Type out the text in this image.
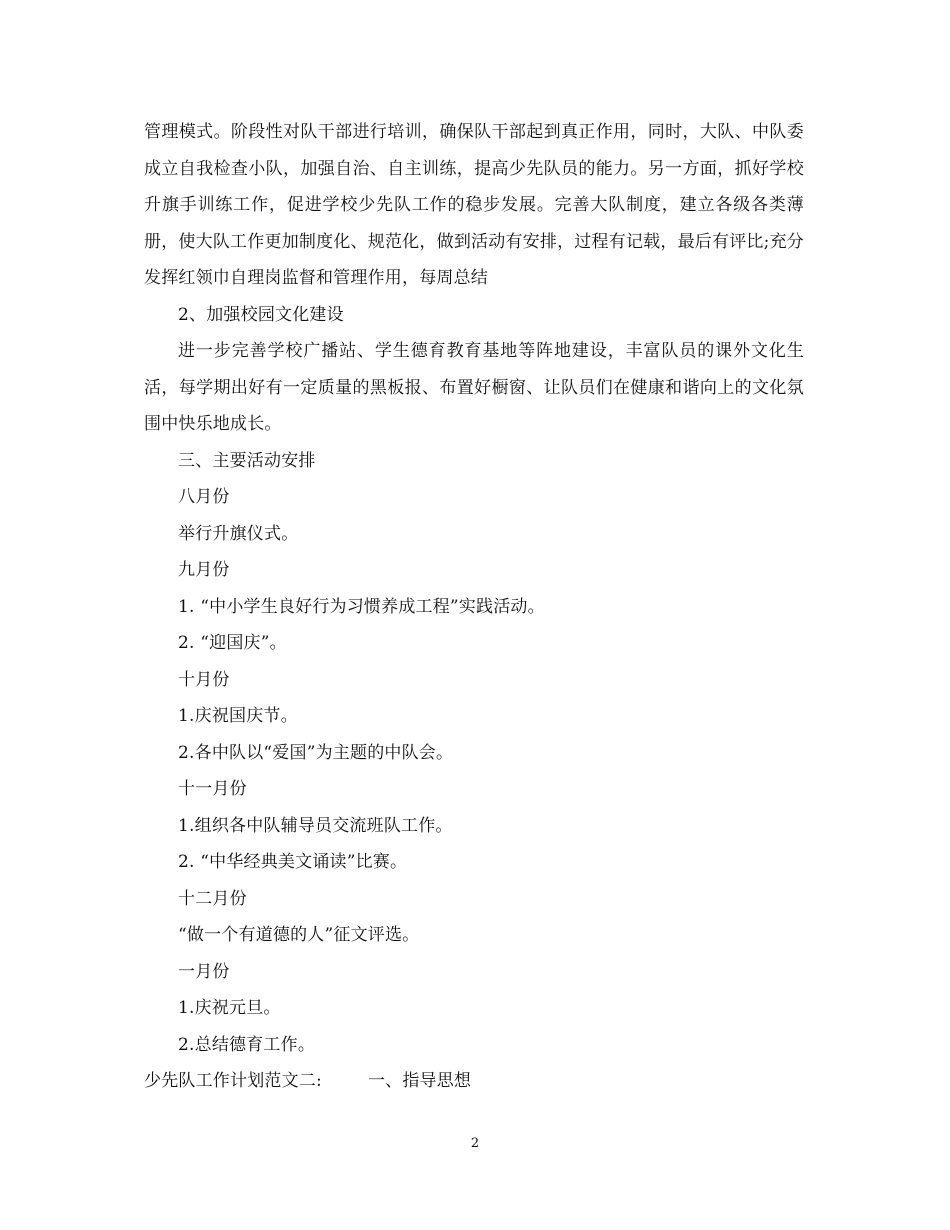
管理模式。阶段性对队干部进行培训，确保队干部起到真正作用，同时，大队、中队委成立自我检查小队，加强自治、自主训练，提高少先队员的能力。另一方面，抓好学校升旗手训练工作，促进学校少先队工作的稳步发展。完善大队制度，建立各级各类薄册，使大队工作更加制度化、规范化，做到活动有安排，过程有记载，最后有评比;充分发挥红领巾自理岗监督和管理作用，每周总结

2、加强校园文化建设

进一步完善学校广播站、学生德育教育基地等阵地建设，丰富队员的课外文化生活，每学期出好有一定质量的黑板报、布置好橱窗、让队员们在健康和谐向上的文化氛围中快乐地成长。

三、主要活动安排

八月份

举行升旗仪式。

九月份

1. “中小学生良好行为习惯养成工程”实践活动。

2. “迎国庆”。

十月份

1.庆祝国庆节。

2.各中队以“爱国”为主题的中队会。

十一月份

1.组织各中队辅导员交流班队工作。

2. “中华经典美文诵读”比赛。

十二月份

“做一个有道德的人”征文评选。

一月份

1.庆祝元旦。

2.总结德育工作。

少先队工作计划范文二:	一、指导思想

2
